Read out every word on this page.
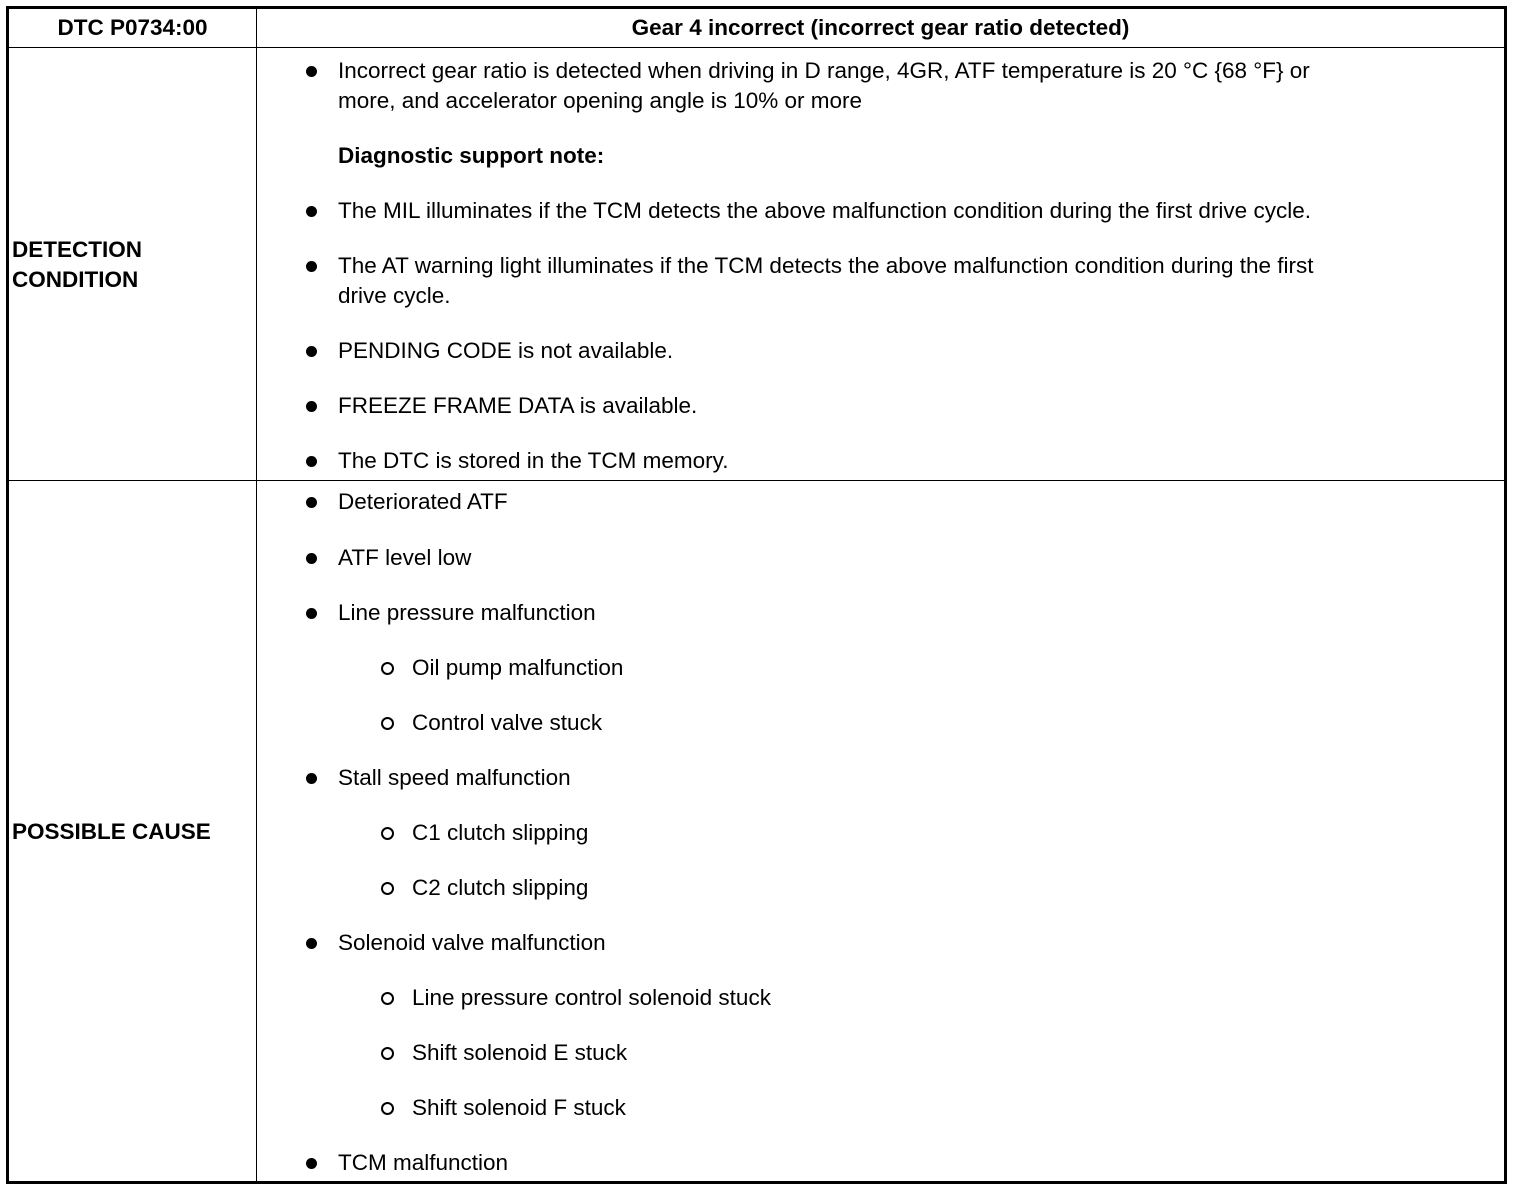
DTC P0734:00	Gear 4 incorrect (incorrect gear ratio detected)
DETECTION
CONDITION
Incorrect gear ratio is detected when driving in D range, 4GR, ATF temperature is 20 °C {68 °F} or
more, and accelerator opening angle is 10% or more
Diagnostic support note:
The MIL illuminates if the TCM detects the above malfunction condition during the first drive cycle.
The AT warning light illuminates if the TCM detects the above malfunction condition during the first
drive cycle.
PENDING CODE is not available.
FREEZE FRAME DATA is available.
The DTC is stored in the TCM memory.
POSSIBLE CAUSE
Deteriorated ATF
ATF level low
Line pressure malfunction
Oil pump malfunction
Control valve stuck
Stall speed malfunction
C1 clutch slipping
C2 clutch slipping
Solenoid valve malfunction
Line pressure control solenoid stuck
Shift solenoid E stuck
Shift solenoid F stuck
TCM malfunction
